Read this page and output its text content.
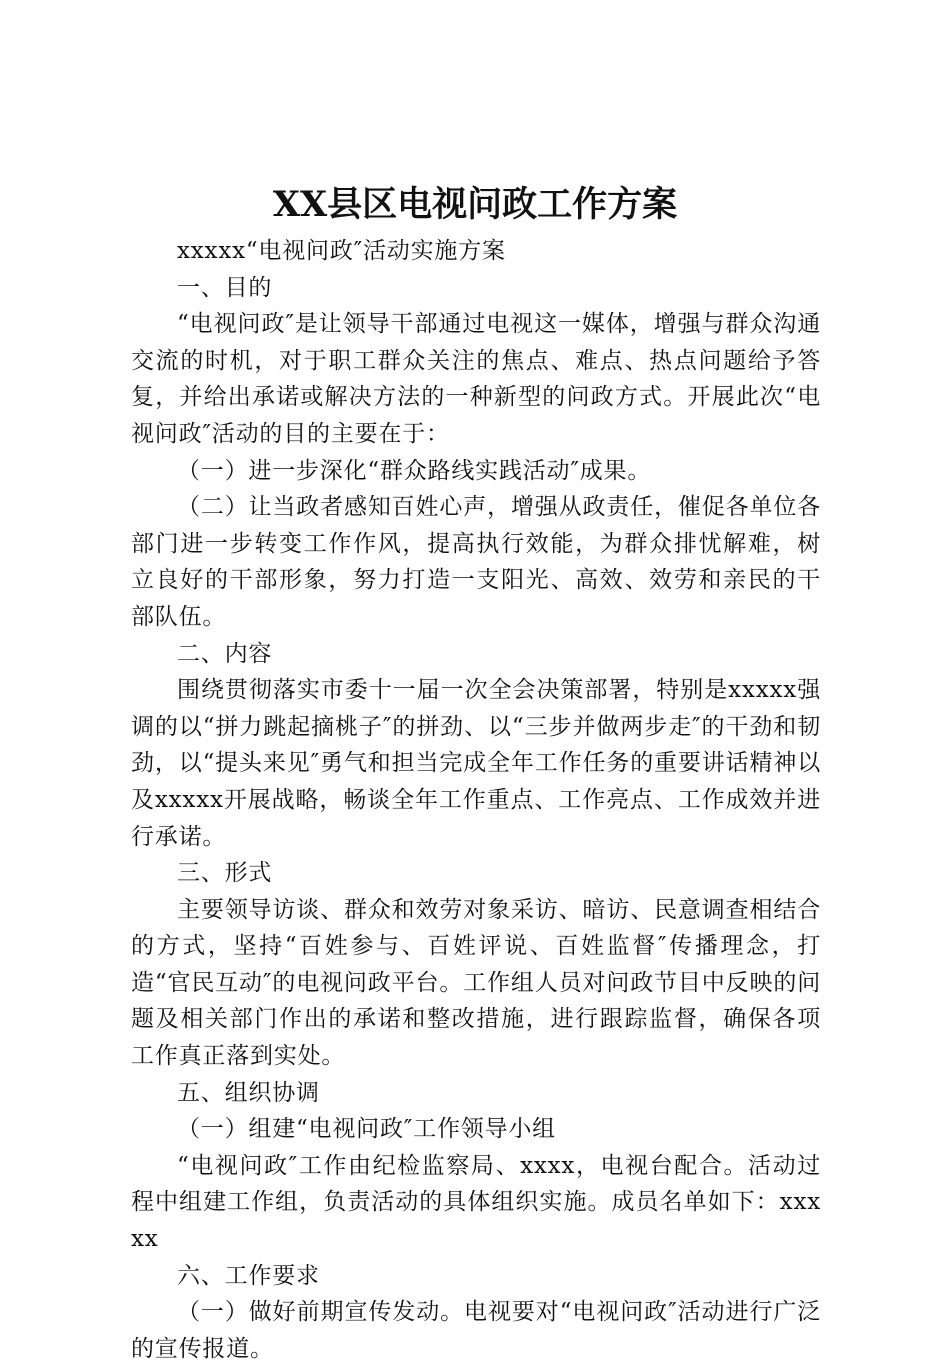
XX县区电视问政工作方案

xxxxx“电视问政″活动实施方案

一、目的

“电视问政″是让领导干部通过电视这一媒体，增强与群众沟通交流的时机，对于职工群众关注的焦点、难点、热点问题给予答复，并给出承诺或解决方法的一种新型的问政方式。开展此次“电视问政″活动的目的主要在于：

（一）进一步深化“群众路线实践活动″成果。

（二）让当政者感知百姓心声，增强从政责任，催促各单位各部门进一步转变工作作风，提高执行效能，为群众排忧解难，树立良好的干部形象，努力打造一支阳光、高效、效劳和亲民的干部队伍。

二、内容

围绕贯彻落实市委十一届一次全会决策部署，特别是xxxxx强调的以“拼力跳起摘桃子″的拼劲、以“三步并做两步走″的干劲和韧劲，以“提头来见″勇气和担当完成全年工作任务的重要讲话精神以及xxxxx开展战略，畅谈全年工作重点、工作亮点、工作成效并进行承诺。

三、形式

主要领导访谈、群众和效劳对象采访、暗访、民意调查相结合的方式，坚持“百姓参与、百姓评说、百姓监督″传播理念，打造“官民互动″的电视问政平台。工作组人员对问政节目中反映的问题及相关部门作出的承诺和整改措施，进行跟踪监督，确保各项工作真正落到实处。

五、组织协调

（一）组建“电视问政″工作领导小组

“电视问政″工作由纪检监察局、xxxx，电视台配合。活动过程中组建工作组，负责活动的具体组织实施。成员名单如下：xxxxx

六、工作要求

（一）做好前期宣传发动。电视要对“电视问政″活动进行广泛的宣传报道。
